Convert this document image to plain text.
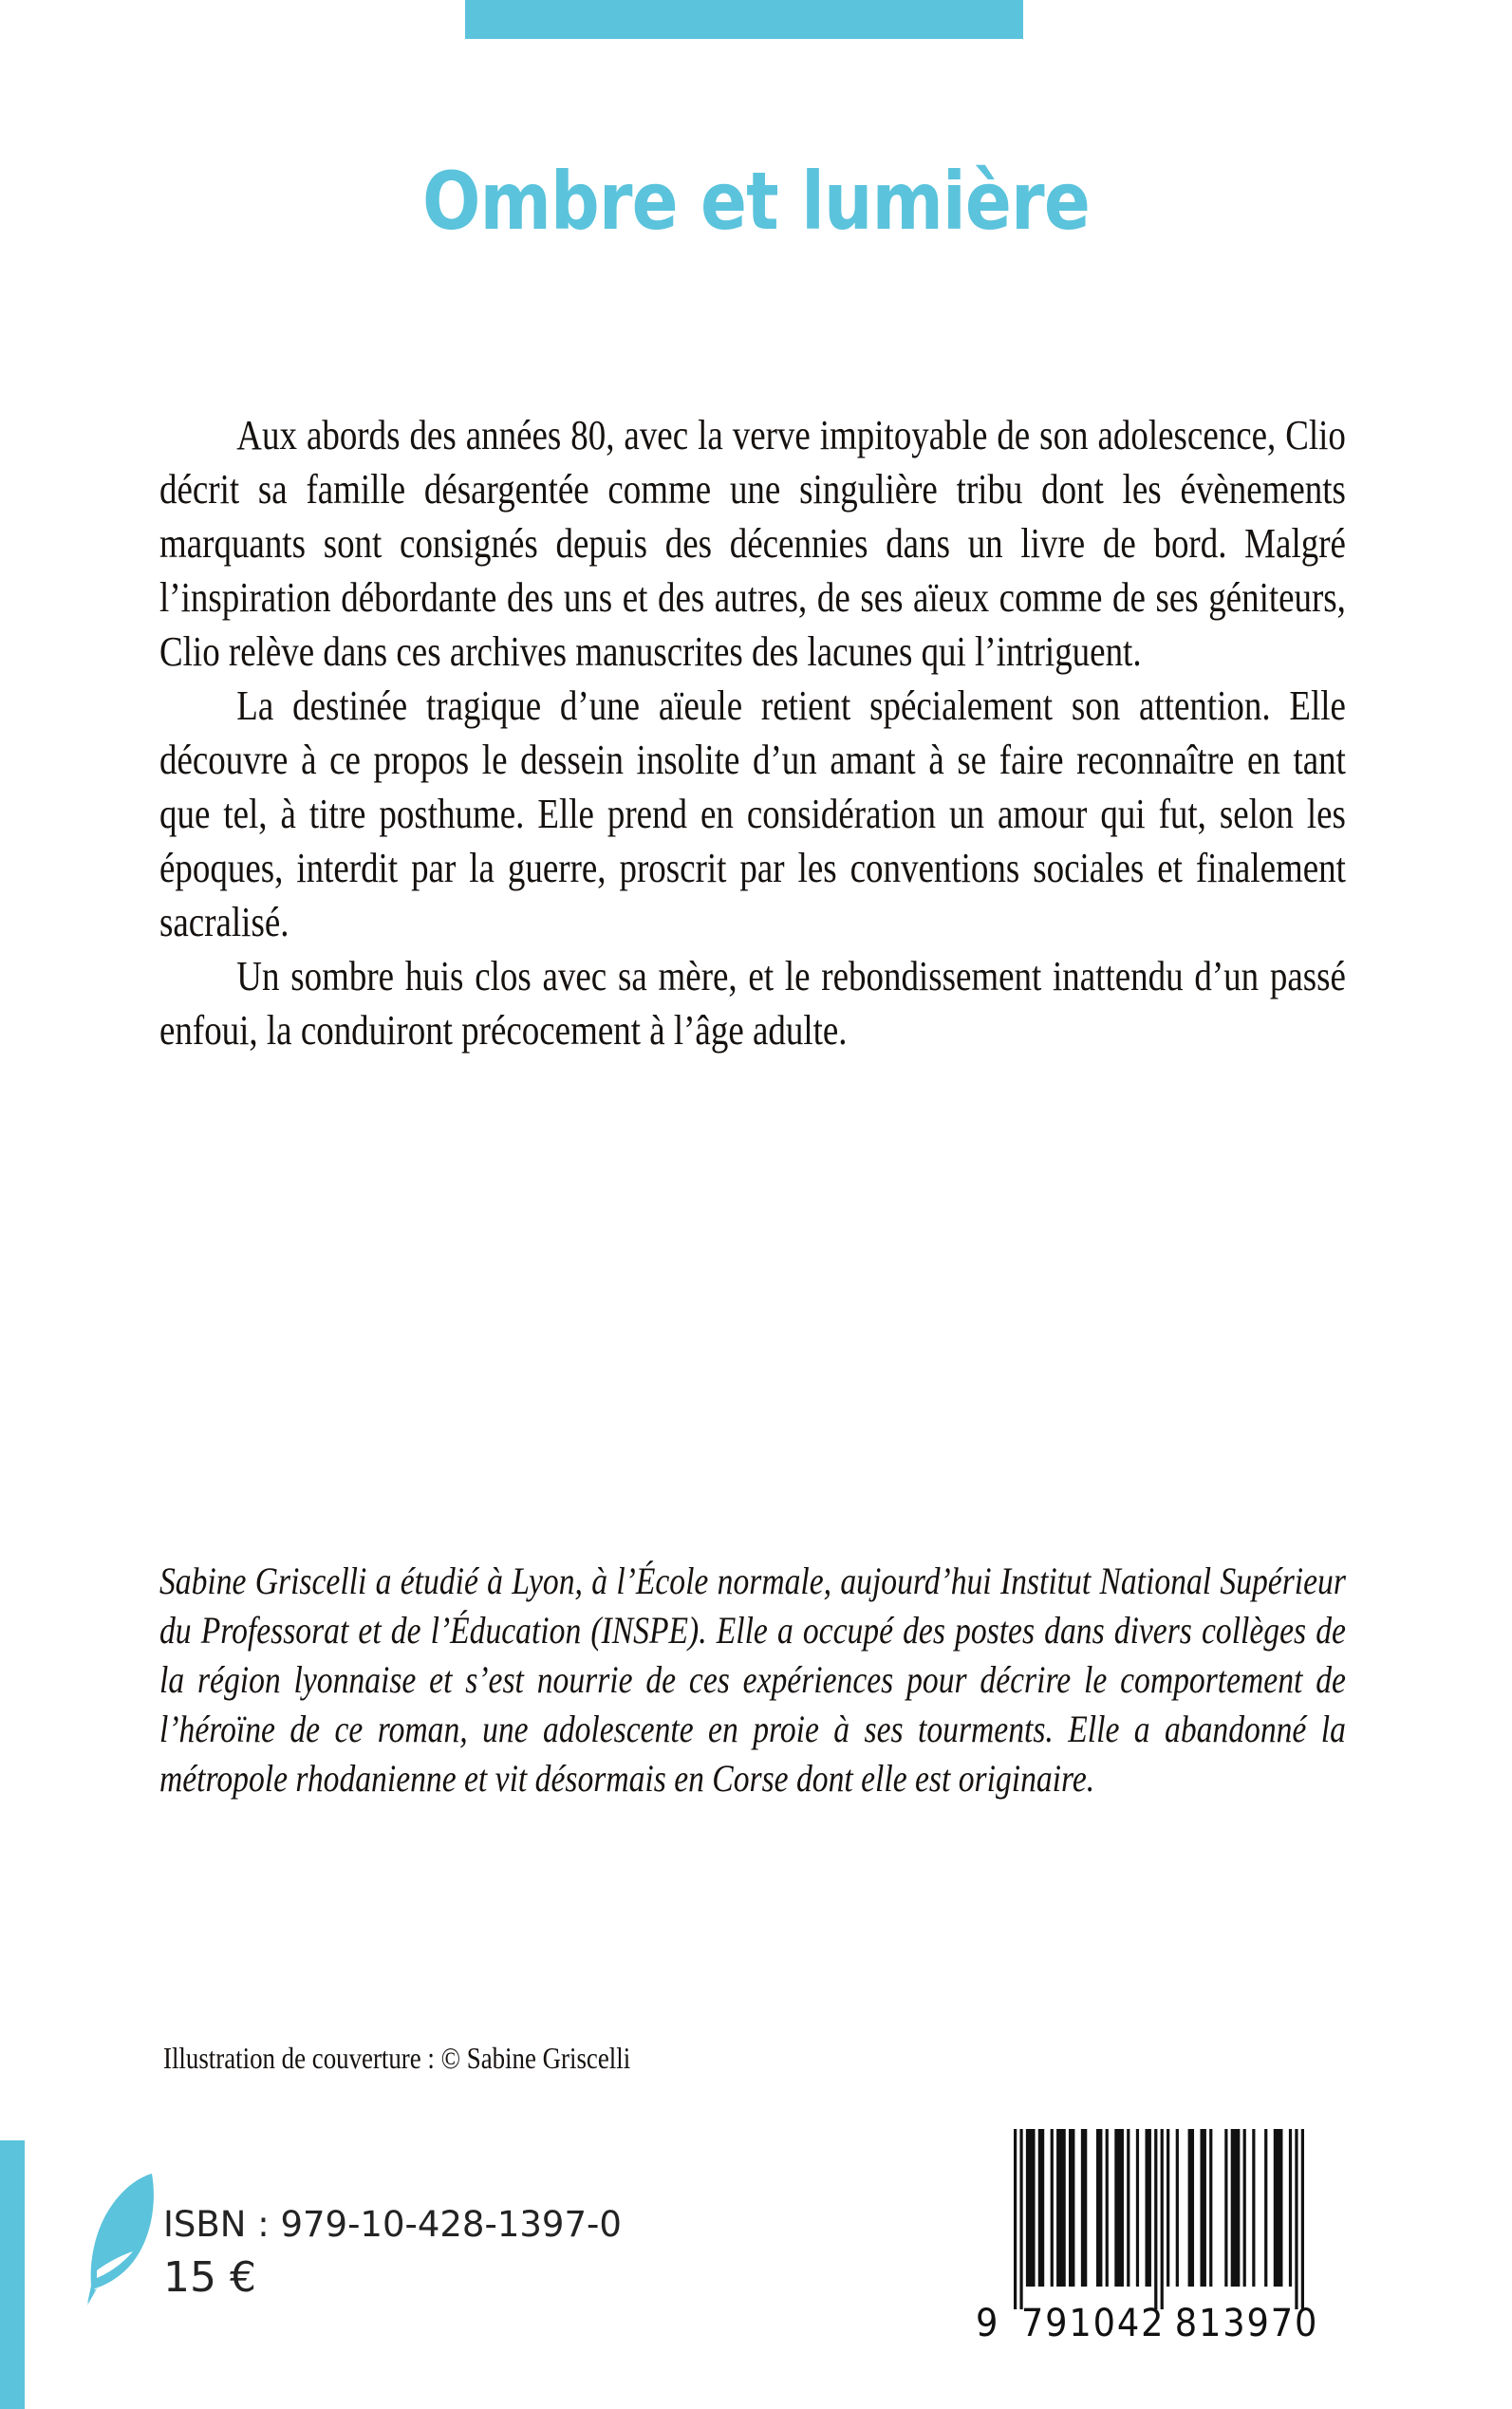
Ombre et lumière

Aux abords des années 80, avec la verve impitoyable de son adolescence, Clio décrit sa famille désargentée comme une singulière tribu dont les évènements marquants sont consignés depuis des décennies dans un livre de bord. Malgré l’inspiration débordante des uns et des autres, de ses aïeux comme de ses géniteurs, Clio relève dans ces archives manuscrites des lacunes qui l’intriguent.

La destinée tragique d’une aïeule retient spécialement son attention. Elle découvre à ce propos le dessein insolite d’un amant à se faire reconnaître en tant que tel, à titre posthume. Elle prend en considération un amour qui fut, selon les époques, interdit par la guerre, proscrit par les conventions sociales et finalement sacralisé.

Un sombre huis clos avec sa mère, et le rebondissement inattendu d’un passé enfoui, la conduiront précocement à l’âge adulte.

Sabine Griscelli a étudié à Lyon, à l’École normale, aujourd’hui Institut National Supérieur du Professorat et de l’Éducation (INSPE). Elle a occupé des postes dans divers collèges de la région lyonnaise et s’est nourrie de ces expériences pour décrire le comportement de l’héroïne de ce roman, une adolescente en proie à ses tourments. Elle a abandonné la métropole rhodanienne et vit désormais en Corse dont elle est originaire.

Illustration de couverture : © Sabine Griscelli
ISBN : 979-10-428-1397-0
15 €
9 791042 813970
